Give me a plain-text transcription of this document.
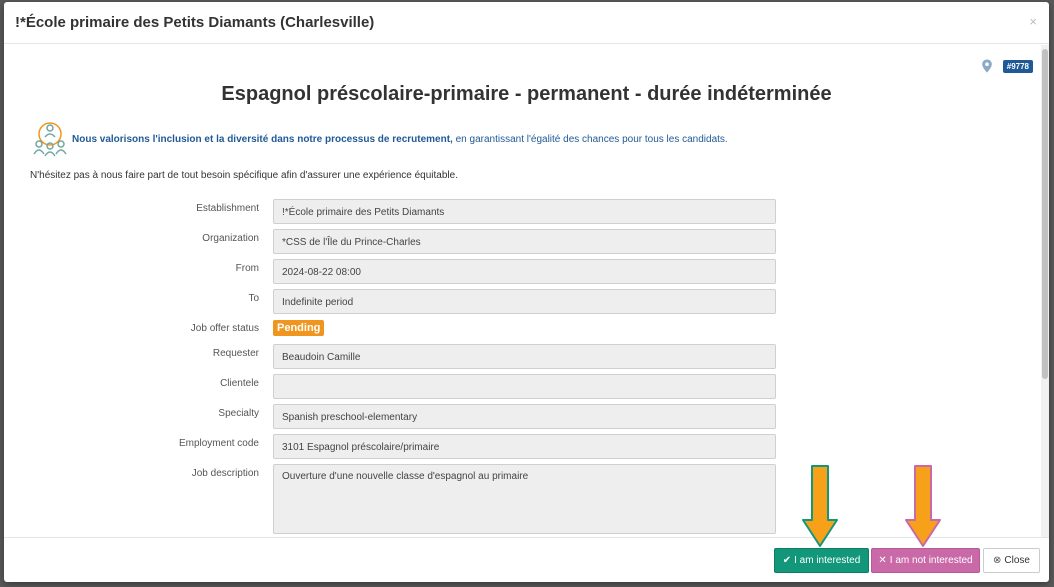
!*École primaire des Petits Diamants (Charlesville)	×
#9778
Espagnol préscolaire-primaire - permanent - durée indéterminée
Nous valorisons l'inclusion et la diversité dans notre processus de recrutement, en garantissant l'égalité des chances pour tous les candidats.
N'hésitez pas à nous faire part de tout besoin spécifique afin d'assurer une expérience équitable.
Establishment	!*École primaire des Petits Diamants
Organization	*CSS de l'Île du Prince-Charles
From	2024-08-22 08:00
To	Indefinite period
Job offer status	Pending
Requester	Beaudoin Camille
Clientele
Specialty	Spanish preschool-elementary
Employment code	3101 Espagnol préscolaire/primaire
Job description	Ouverture d'une nouvelle classe d'espagnol au primaire
✔ I am interested ✕ I am not interested ⊗ Close
